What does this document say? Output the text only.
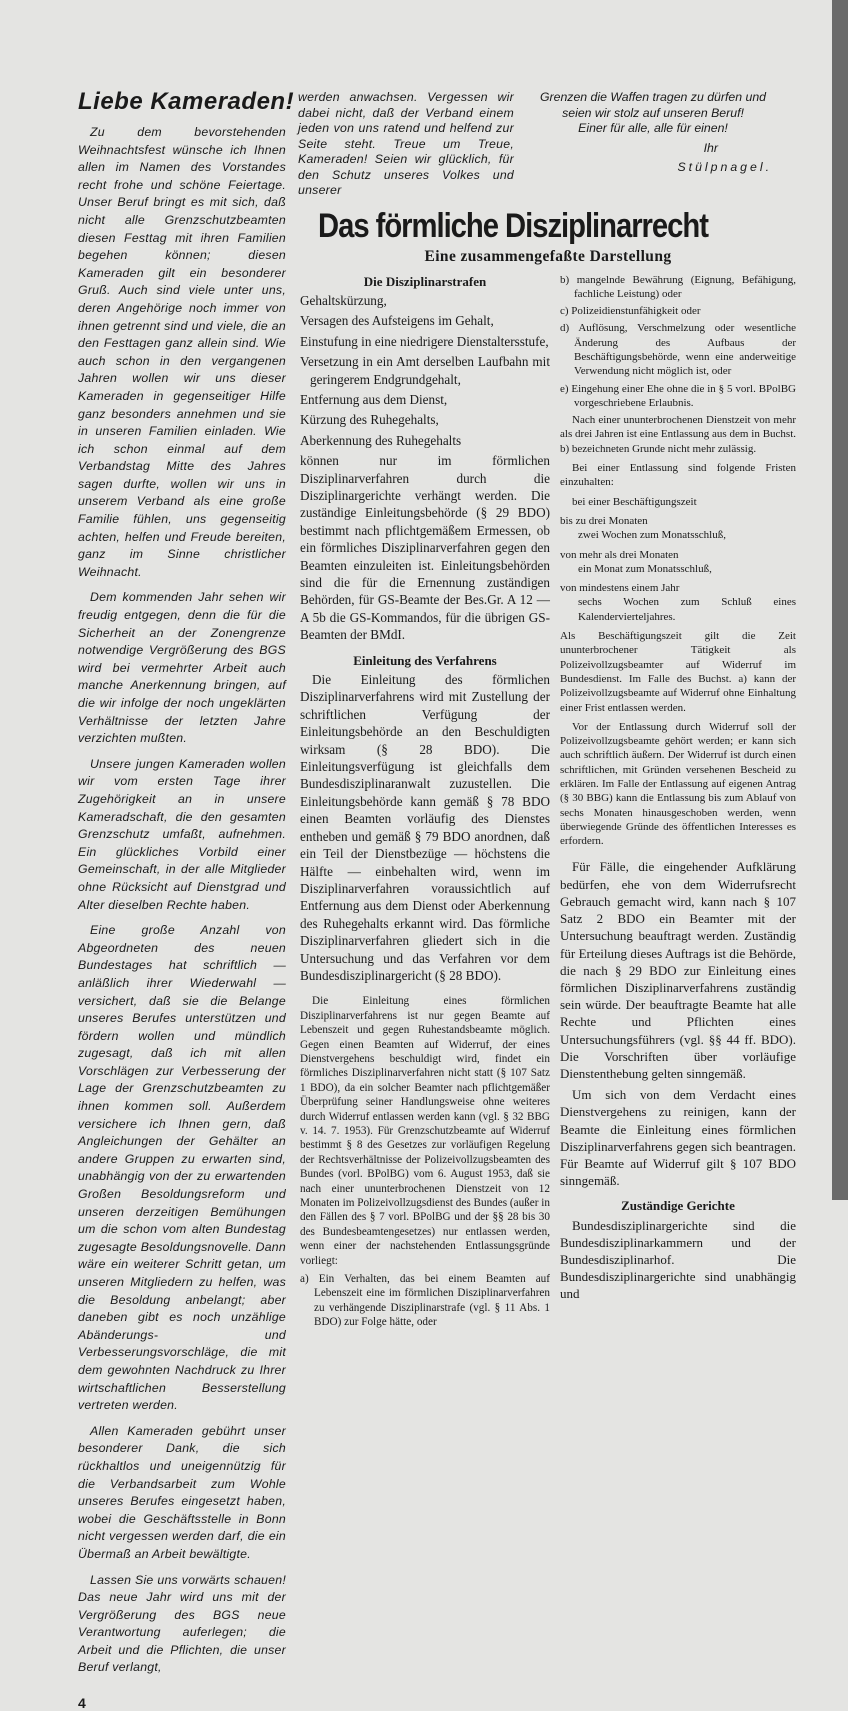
Liebe Kameraden!

Zu dem bevorstehenden Weihnachtsfest wünsche ich Ihnen allen im Namen des Vorstandes recht frohe und schöne Feiertage. Unser Beruf bringt es mit sich, daß nicht alle Grenzschutzbeamten diesen Festtag mit ihren Familien begehen können; diesen Kameraden gilt ein besonderer Gruß. Auch sind viele unter uns, deren Angehörige noch immer von ihnen getrennt sind und viele, die an den Festtagen ganz allein sind. Wie auch schon in den vergangenen Jahren wollen wir uns dieser Kameraden in gegenseitiger Hilfe ganz besonders annehmen und sie in unseren Familien einladen. Wie ich schon einmal auf dem Verbandstag Mitte des Jahres sagen durfte, wollen wir uns in unserem Verband als eine große Familie fühlen, uns gegenseitig achten, helfen und Freude bereiten, ganz im Sinne christlicher Weihnacht.

Dem kommenden Jahr sehen wir freudig entgegen, denn die für die Sicherheit an der Zonengrenze notwendige Vergrößerung des BGS wird bei vermehrter Arbeit auch manche Anerkennung bringen, auf die wir infolge der noch ungeklärten Verhältnisse der letzten Jahre verzichten mußten.

Unsere jungen Kameraden wollen wir vom ersten Tage ihrer Zugehörigkeit an in unsere Kameradschaft, die den gesamten Grenzschutz umfaßt, aufnehmen. Ein glückliches Vorbild einer Gemeinschaft, in der alle Mitglieder ohne Rücksicht auf Dienstgrad und Alter dieselben Rechte haben.

Eine große Anzahl von Abgeordneten des neuen Bundestages hat schriftlich — anläßlich ihrer Wiederwahl — versichert, daß sie die Belange unseres Berufes unterstützen und fördern wollen und mündlich zugesagt, daß ich mit allen Vorschlägen zur Verbesserung der Lage der Grenzschutzbeamten zu ihnen kommen soll. Außerdem versichere ich Ihnen gern, daß Angleichungen der Gehälter an andere Gruppen zu erwarten sind, unabhängig von der zu erwartenden Großen Besoldungsreform und unseren derzeitigen Bemühungen um die schon vom alten Bundestag zugesagte Besoldungsnovelle. Dann wäre ein weiterer Schritt getan, um unseren Mitgliedern zu helfen, was die Besoldung anbelangt; aber daneben gibt es noch unzählige Abänderungs- und Verbesserungsvorschläge, die mit dem gewohnten Nachdruck zu Ihrer wirtschaftlichen Besserstellung vertreten werden.

Allen Kameraden gebührt unser besonderer Dank, die sich rückhaltlos und uneigennützig für die Verbandsarbeit zum Wohle unseres Berufes eingesetzt haben, wobei die Geschäftsstelle in Bonn nicht vergessen werden darf, die ein Übermaß an Arbeit bewältigte.

Lassen Sie uns vorwärts schauen! Das neue Jahr wird uns mit der Vergrößerung des BGS neue Verantwortung auferlegen; die Arbeit und die Pflichten, die unser Beruf verlangt,

4
werden anwachsen. Vergessen wir dabei nicht, daß der Verband einem jeden von uns ratend und helfend zur Seite steht. Treue um Treue, Kameraden! Seien wir glücklich, für den Schutz unseres Volkes und unserer
Grenzen die Waffen tragen zu dürfen und seien wir stolz auf unseren Beruf!
Einer für alle, alle für einen!
Ihr
Stülpnagel.
Das förmliche Disziplinarrecht
Eine zusammengefaßte Darstellung
Die Disziplinarstrafen
Gehaltskürzung,
Versagen des Aufsteigens im Gehalt,
Einstufung in eine niedrigere Dienstaltersstufe,
Versetzung in ein Amt derselben Laufbahn mit geringerem Endgrundgehalt,
Entfernung aus dem Dienst,
Kürzung des Ruhegehalts,
Aberkennung des Ruhegehalts

können nur im förmlichen Disziplinarverfahren durch die Disziplinargerichte verhängt werden. Die zuständige Einleitungsbehörde (§ 29 BDO) bestimmt nach pflichtgemäßem Ermessen, ob ein förmliches Disziplinarverfahren gegen den Beamten einzuleiten ist. Einleitungsbehörden sind die für die Ernennung zuständigen Behörden, für GS-Beamte der Bes.Gr. A 12 — A 5b die GS-Kommandos, für die übrigen GS-Beamten der BMdI.

Einleitung des Verfahrens

Die Einleitung des förmlichen Disziplinarverfahrens wird mit Zustellung der schriftlichen Verfügung der Einleitungsbehörde an den Beschuldigten wirksam (§ 28 BDO). Die Einleitungsverfügung ist gleichfalls dem Bundesdisziplinaranwalt zuzustellen. Die Einleitungsbehörde kann gemäß § 78 BDO einen Beamten vorläufig des Dienstes entheben und gemäß § 79 BDO anordnen, daß ein Teil der Dienstbezüge — höchstens die Hälfte — einbehalten wird, wenn im Disziplinarverfahren voraussichtlich auf Entfernung aus dem Dienst oder Aberkennung des Ruhegehalts erkannt wird. Das förmliche Disziplinarverfahren gliedert sich in die Untersuchung und das Verfahren vor dem Bundesdisziplinargericht (§ 28 BDO).

Die Einleitung eines förmlichen Disziplinarverfahrens ist nur gegen Beamte auf Lebenszeit und gegen Ruhestandsbeamte möglich. Gegen einen Beamten auf Widerruf, der eines Dienstvergehens beschuldigt wird, findet ein förmliches Disziplinarverfahren nicht statt (§ 107 Satz 1 BDO), da ein solcher Beamter nach pflichtgemäßer Überprüfung seiner Handlungsweise ohne weiteres durch Widerruf entlassen werden kann (vgl. § 32 BBG v. 14. 7. 1953). Für Grenzschutzbeamte auf Widerruf bestimmt § 8 des Gesetzes zur vorläufigen Regelung der Rechtsverhältnisse der Polizeivollzugsbeamten des Bundes (vorl. BPolBG) vom 6. August 1953, daß sie nach einer ununterbrochenen Dienstzeit von 12 Monaten im Polizeivollzugsdienst des Bundes (außer in den Fällen des § 7 vorl. BPolBG und der §§ 28 bis 30 des Bundesbeamtengesetzes) nur entlassen werden, wenn einer der nachstehenden Entlassungsgründe vorliegt:

a) Ein Verhalten, das bei einem Beamten auf Lebenszeit eine im förmlichen Disziplinarverfahren zu verhängende Disziplinarstrafe (vgl. § 11 Abs. 1 BDO) zur Folge hätte, oder
b) mangelnde Bewährung (Eignung, Befähigung, fachliche Leistung) oder
c) Polizeidienstunfähigkeit oder
d) Auflösung, Verschmelzung oder wesentliche Änderung des Aufbaus der Beschäftigungsbehörde, wenn eine anderweitige Verwendung nicht möglich ist, oder
e) Eingehung einer Ehe ohne die in § 5 vorl. BPolBG vorgeschriebene Erlaubnis.

Nach einer ununterbrochenen Dienstzeit von mehr als drei Jahren ist eine Entlassung aus dem in Buchst. b) bezeichneten Grunde nicht mehr zulässig.

Bei einer Entlassung sind folgende Fristen einzuhalten:

bei einer Beschäftigungszeit

bis zu drei Monaten

zwei Wochen zum Monatsschluß,

von mehr als drei Monaten

ein Monat zum Monatsschluß,

von mindestens einem Jahr

sechs Wochen zum Schluß eines Kalendervierteljahres.

Als Beschäftigungszeit gilt die Zeit ununterbrochener Tätigkeit als Polizeivollzugsbeamter auf Widerruf im Bundesdienst. Im Falle des Buchst. a) kann der Polizeivollzugsbeamte auf Widerruf ohne Einhaltung einer Frist entlassen werden.

Vor der Entlassung durch Widerruf soll der Polizeivollzugsbeamte gehört werden; er kann sich auch schriftlich äußern. Der Widerruf ist durch einen schriftlichen, mit Gründen versehenen Bescheid zu erklären. Im Falle der Entlassung auf eigenen Antrag (§ 30 BBG) kann die Entlassung bis zum Ablauf von sechs Monaten hinausgeschoben werden, wenn überwiegende Gründe des öffentlichen Interesses es erfordern.

Für Fälle, die eingehender Aufklärung bedürfen, ehe von dem Widerrufsrecht Gebrauch gemacht wird, kann nach § 107 Satz 2 BDO ein Beamter mit der Untersuchung beauftragt werden. Zuständig für Erteilung dieses Auftrags ist die Behörde, die nach § 29 BDO zur Einleitung eines förmlichen Disziplinarverfahrens zuständig sein würde. Der beauftragte Beamte hat alle Rechte und Pflichten eines Untersuchungsführers (vgl. §§ 44 ff. BDO). Die Vorschriften über vorläufige Dienstenthebung gelten sinngemäß.

Um sich von dem Verdacht eines Dienstvergehens zu reinigen, kann der Beamte die Einleitung eines förmlichen Disziplinarverfahrens gegen sich beantragen. Für Beamte auf Widerruf gilt § 107 BDO sinngemäß.

Zuständige Gerichte

Bundesdisziplinargerichte sind die Bundesdisziplinarkammern und der Bundesdisziplinarhof. Die Bundesdisziplinargerichte sind unabhängig und
